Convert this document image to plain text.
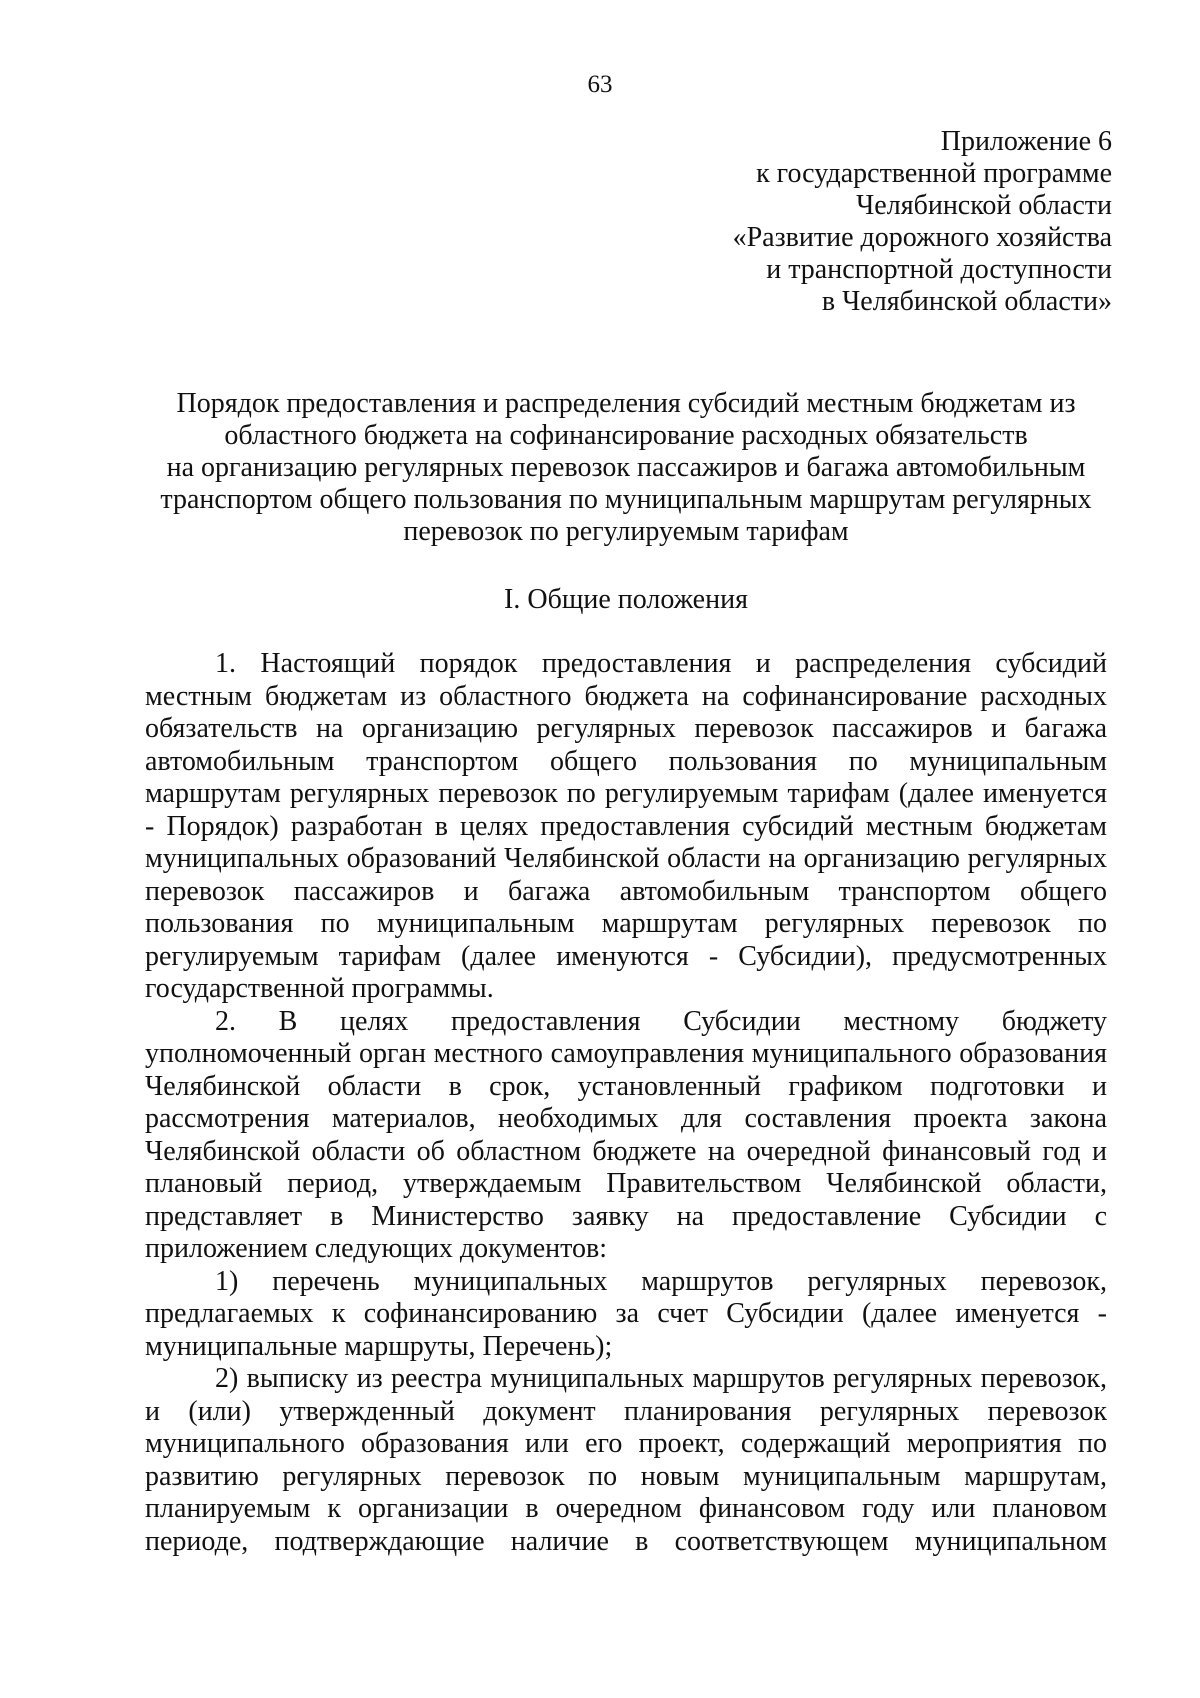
63
Приложение 6
к государственной программе
Челябинской области
«Развитие дорожного хозяйства
и транспортной доступности
в Челябинской области»
Порядок предоставления и распределения субсидий местным бюджетам из
областного бюджета на софинансирование расходных обязательств
на организацию регулярных перевозок пассажиров и багажа автомобильным
транспортом общего пользования по муниципальным маршрутам регулярных
перевозок по регулируемым тарифам
I. Общие положения
1. Настоящий порядок предоставления и распределения субсидий
местным бюджетам из областного бюджета на софинансирование расходных
обязательств на организацию регулярных перевозок пассажиров и багажа
автомобильным транспортом общего пользования по муниципальным
маршрутам регулярных перевозок по регулируемым тарифам (далее именуется
- Порядок) разработан в целях предоставления субсидий местным бюджетам
муниципальных образований Челябинской области на организацию регулярных
перевозок пассажиров и багажа автомобильным транспортом общего
пользования по муниципальным маршрутам регулярных перевозок по
регулируемым тарифам (далее именуются - Субсидии), предусмотренных
государственной программы.
2. В целях предоставления Субсидии местному бюджету
уполномоченный орган местного самоуправления муниципального образования
Челябинской области в срок, установленный графиком подготовки и
рассмотрения материалов, необходимых для составления проекта закона
Челябинской области об областном бюджете на очередной финансовый год и
плановый период, утверждаемым Правительством Челябинской области,
представляет в Министерство заявку на предоставление Субсидии с
приложением следующих документов:
1) перечень муниципальных маршрутов регулярных перевозок,
предлагаемых к софинансированию за счет Субсидии (далее именуется -
муниципальные маршруты, Перечень);
2) выписку из реестра муниципальных маршрутов регулярных перевозок,
и (или) утвержденный документ планирования регулярных перевозок
муниципального образования или его проект, содержащий мероприятия по
развитию регулярных перевозок по новым муниципальным маршрутам,
планируемым к организации в очередном финансовом году или плановом
периоде, подтверждающие наличие в соответствующем муниципальном
